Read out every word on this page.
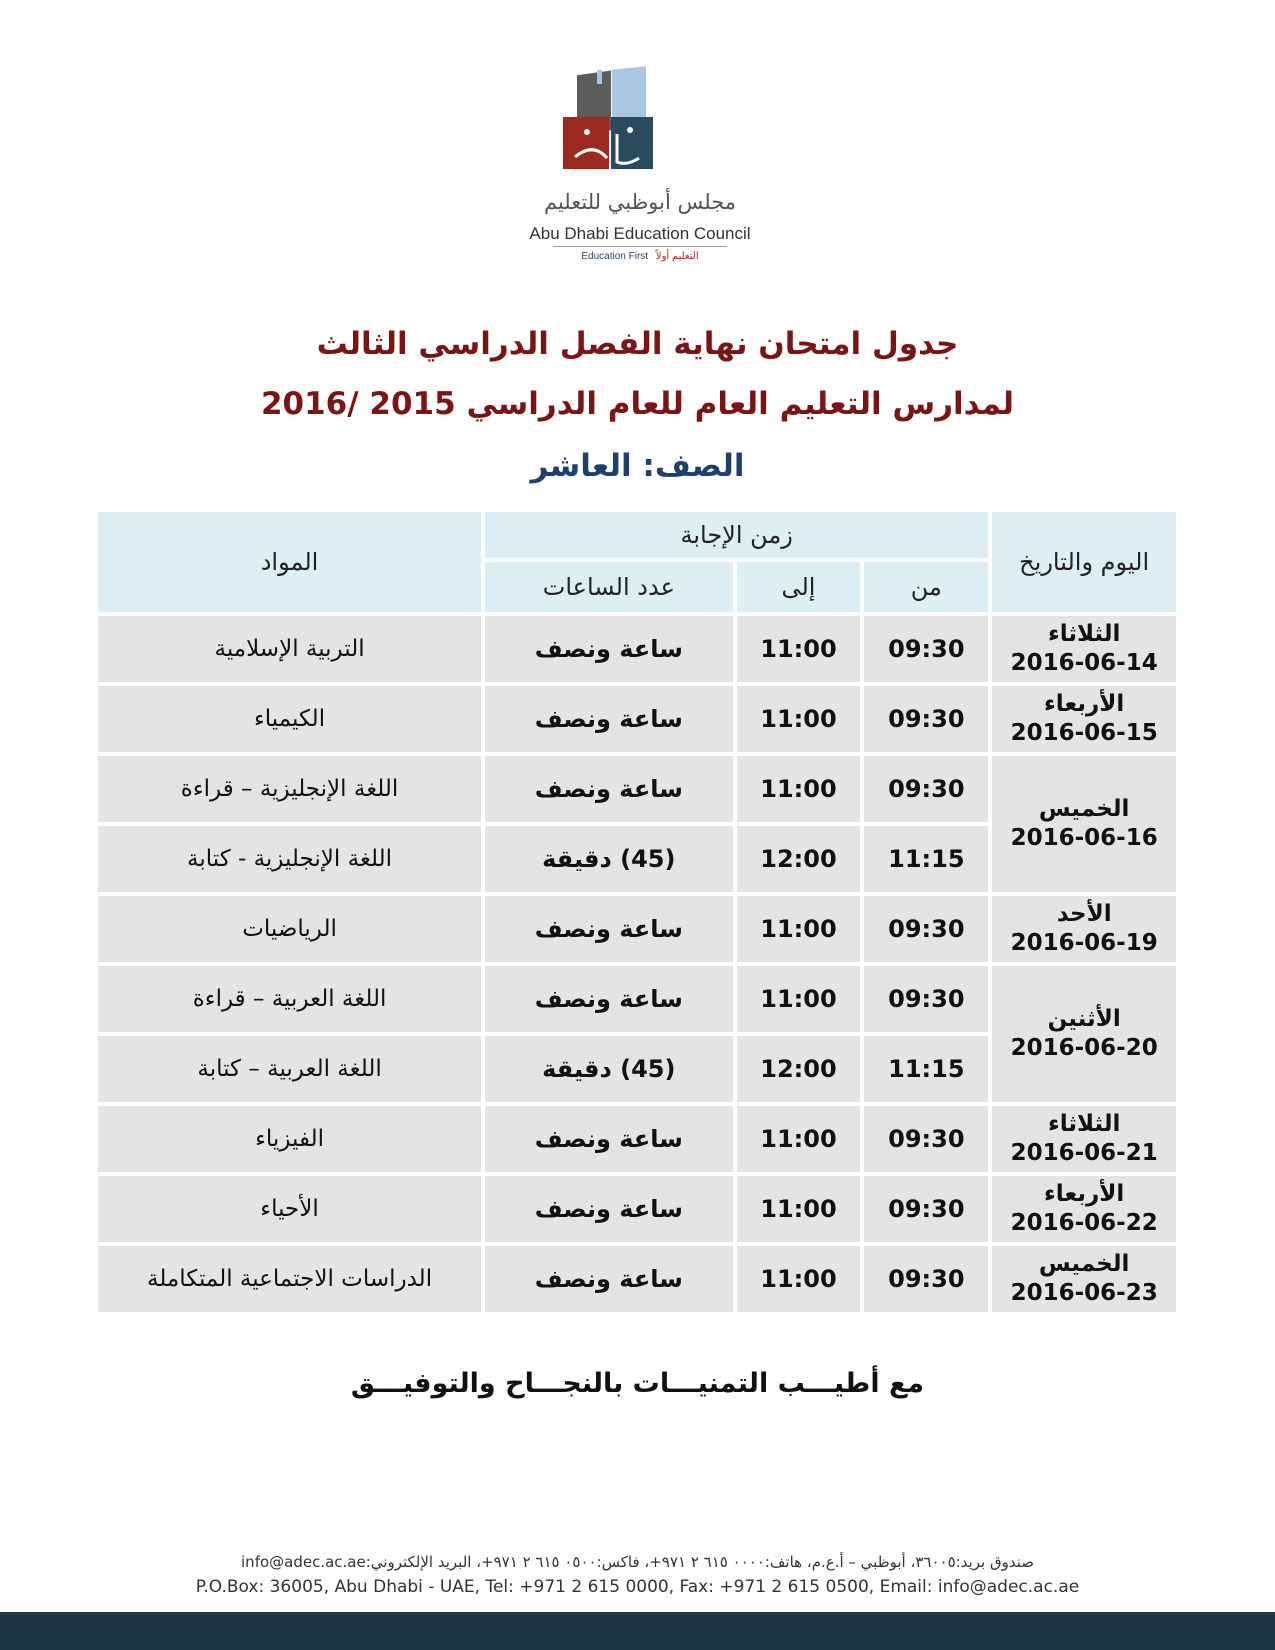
مجلس أبوظبي للتعليم
Abu Dhabi Education Council
Education First التعليم أولاً
جدول امتحان نهاية الفصل الدراسي الثالث
لمدارس التعليم العام للعام الدراسي 2015 /2016
الصف: العاشر
اليوم والتاريخ	زمن الإجابة			المواد
	من	إلى	عدد الساعات	
الثلاثاء
2016-06-14	09:30	11:00	ساعة ونصف	التربية الإسلامية
الأربعاء
2016-06-15	09:30	11:00	ساعة ونصف	الكيمياء
الخميس
2016-06-16	09:30	11:00	ساعة ونصف	اللغة الإنجليزية – قراءة
	11:15	12:00	(45) دقيقة	اللغة الإنجليزية - كتابة
الأحد
2016-06-19	09:30	11:00	ساعة ونصف	الرياضيات
الأثنين
2016-06-20	09:30	11:00	ساعة ونصف	اللغة العربية – قراءة
	11:15	12:00	(45) دقيقة	اللغة العربية – كتابة
الثلاثاء
2016-06-21	09:30	11:00	ساعة ونصف	الفيزياء
الأربعاء
2016-06-22	09:30	11:00	ساعة ونصف	الأحياء
الخميس
2016-06-23	09:30	11:00	ساعة ونصف	الدراسات الاجتماعية المتكاملة
مع أطيـــب التمنيـــات بالنجـــاح والتوفيـــق
صندوق بريد:٣٦٠٠٥، أبوظبي – أ.ع.م، هاتف:٠٠٠٠ ٦١٥ ٢ ٩٧١+، فاكس:٠٥٠٠ ٦١٥ ٢ ٩٧١+، البريد الإلكتروني:info@adec.ac.ae
P.O.Box: 36005, Abu Dhabi - UAE, Tel: +971 2 615 0000, Fax: +971 2 615 0500, Email: info@adec.ac.ae
